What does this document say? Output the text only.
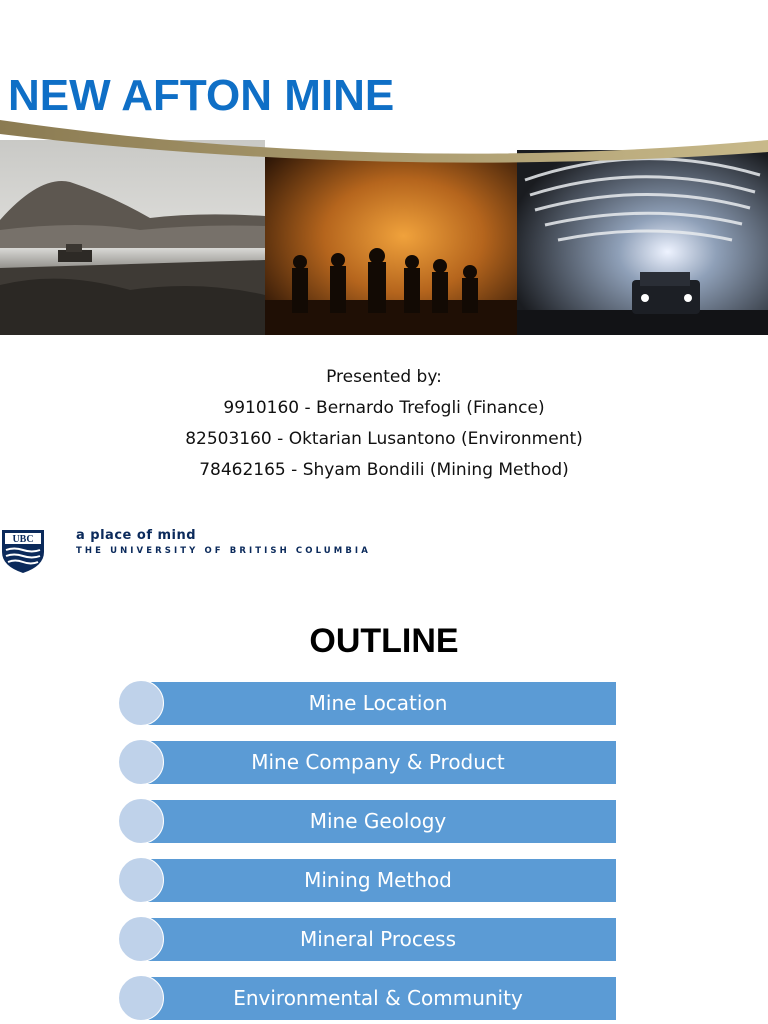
NEW AFTON MINE
Presented by:
9910160 - Bernardo Trefogli (Finance)
82503160 - Oktarian Lusantono (Environment)
78462165 - Shyam Bondili (Mining Method)
UBC	a place of mind
THE UNIVERSITY OF BRITISH COLUMBIA
OUTLINE
Mine Location
Mine Company & Product
Mine Geology
Mining Method
Mineral Process
Environmental & Community
